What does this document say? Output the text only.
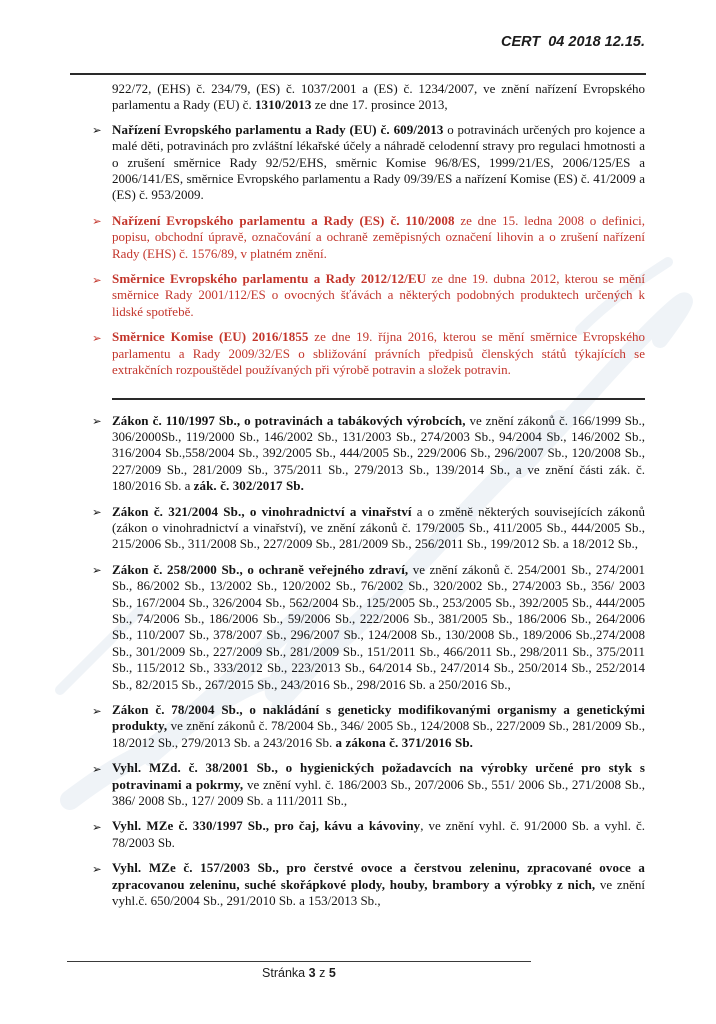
CERT  04 2018 12.15.
922/72, (EHS) č. 234/79, (ES) č. 1037/2001 a (ES) č. 1234/2007, ve znění nařízení Evropského parlamentu a Rady (EU) č. 1310/2013 ze dne 17. prosince 2013,
➢ Nařízení Evropského parlamentu a Rady (EU) č. 609/2013 o potravinách určených pro kojence a malé děti, potravinách pro zvláštní lékařské účely a náhradě celodenní stravy pro regulaci hmotnosti a o zrušení směrnice Rady 92/52/EHS, směrnic Komise 96/8/ES, 1999/21/ES, 2006/125/ES a 2006/141/ES, směrnice Evropského parlamentu a Rady 09/39/ES a nařízení Komise (ES) č. 41/2009 a (ES) č. 953/2009.
➢ Nařízení Evropského parlamentu a Rady (ES) č. 110/2008 ze dne 15. ledna 2008 o definici, popisu, obchodní úpravě, označování a ochraně zeměpisných označení lihovin a o zrušení nařízení Rady (EHS) č. 1576/89, v platném znění.
➢ Směrnice Evropského parlamentu a Rady 2012/12/EU ze dne 19. dubna 2012, kterou se mění směrnice Rady 2001/112/ES o ovocných šťávách a některých podobných produktech určených k lidské spotřebě.
➢ Směrnice Komise (EU) 2016/1855 ze dne 19. října 2016, kterou se mění směrnice Evropského parlamentu a Rady 2009/32/ES o sbližování právních předpisů členských států týkajících se extrakčních rozpouštědel používaných při výrobě potravin a složek potravin.
➢ Zákon č. 110/1997 Sb., o potravinách a tabákových výrobcích, ve znění zákonů č. 166/1999 Sb., 306/2000Sb., 119/2000 Sb., 146/2002 Sb., 131/2003 Sb., 274/2003 Sb., 94/2004 Sb., 146/2002 Sb., 316/2004 Sb.,558/2004 Sb., 392/2005 Sb., 444/2005 Sb., 229/2006 Sb., 296/2007 Sb., 120/2008 Sb., 227/2009 Sb., 281/2009 Sb., 375/2011 Sb., 279/2013 Sb., 139/2014 Sb., a ve znění části zák. č. 180/2016 Sb. a zák. č. 302/2017 Sb.
➢ Zákon č. 321/2004 Sb., o vinohradnictví a vinařství a o změně některých souvisejících zákonů (zákon o vinohradnictví a vinařství), ve znění zákonů č. 179/2005 Sb., 411/2005 Sb., 444/2005 Sb., 215/2006 Sb., 311/2008 Sb., 227/2009 Sb., 281/2009 Sb., 256/2011 Sb., 199/2012 Sb. a 18/2012 Sb.,
➢ Zákon č. 258/2000 Sb., o ochraně veřejného zdraví, ve znění zákonů č. 254/2001 Sb., 274/2001 Sb., 86/2002 Sb., 13/2002 Sb., 120/2002 Sb., 76/2002 Sb., 320/2002 Sb., 274/2003 Sb., 356/ 2003 Sb., 167/2004 Sb., 326/2004 Sb., 562/2004 Sb., 125/2005 Sb., 253/2005 Sb., 392/2005 Sb., 444/2005 Sb., 74/2006 Sb., 186/2006 Sb., 59/2006 Sb., 222/2006 Sb., 381/2005 Sb., 186/2006 Sb., 264/2006 Sb., 110/2007 Sb., 378/2007 Sb., 296/2007 Sb., 124/2008 Sb., 130/2008 Sb., 189/2006 Sb.,274/2008 Sb., 301/2009 Sb., 227/2009 Sb., 281/2009 Sb., 151/2011 Sb., 466/2011 Sb., 298/2011 Sb., 375/2011 Sb., 115/2012 Sb., 333/2012 Sb., 223/2013 Sb., 64/2014 Sb., 247/2014 Sb., 250/2014 Sb., 252/2014 Sb., 82/2015 Sb., 267/2015 Sb., 243/2016 Sb., 298/2016 Sb. a 250/2016 Sb.,
➢ Zákon č. 78/2004 Sb., o nakládání s geneticky modifikovanými organismy a genetickými produkty, ve znění zákonů č. 78/2004 Sb., 346/ 2005 Sb., 124/2008 Sb., 227/2009 Sb., 281/2009 Sb., 18/2012 Sb., 279/2013 Sb. a 243/2016 Sb. a zákona č. 371/2016 Sb.
➢ Vyhl. MZd. č. 38/2001 Sb., o hygienických požadavcích na výrobky určené pro styk s potravinami a pokrmy, ve znění vyhl. č. 186/2003 Sb., 207/2006 Sb., 551/ 2006 Sb., 271/2008 Sb., 386/ 2008 Sb., 127/ 2009 Sb. a 111/2011 Sb.,
➢ Vyhl. MZe č. 330/1997 Sb., pro čaj, kávu a kávoviny, ve znění vyhl. č. 91/2000 Sb. a vyhl. č. 78/2003 Sb.
➢ Vyhl. MZe č. 157/2003 Sb., pro čerstvé ovoce a čerstvou zeleninu, zpracované ovoce a zpracovanou zeleninu, suché skořápkové plody, houby, brambory a výrobky z nich, ve znění vyhl.č. 650/2004 Sb., 291/2010 Sb. a 153/2013 Sb.,
Stránka 3 z 5
